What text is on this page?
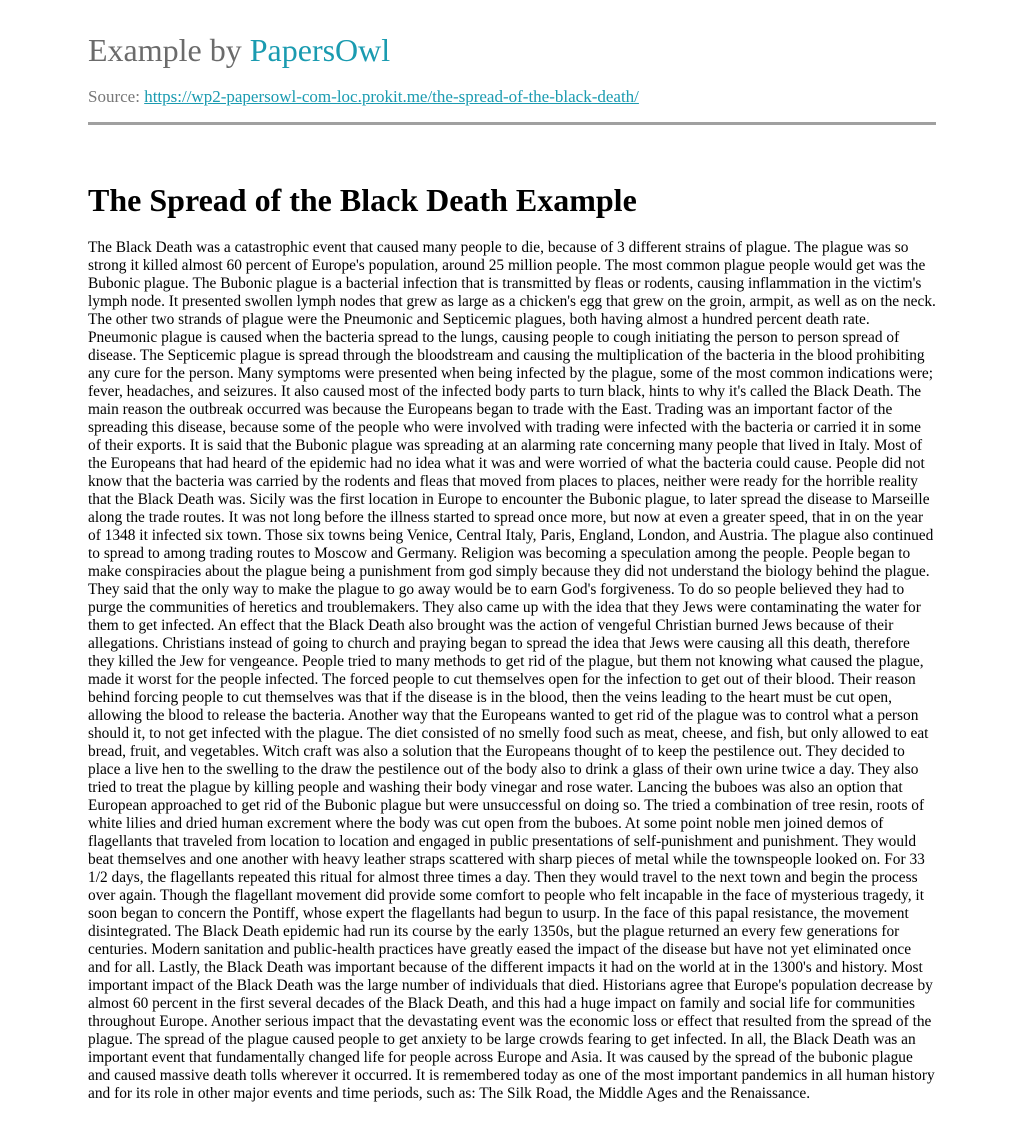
Example by PapersOwl
Source: https://wp2-papersowl-com-loc.prokit.me/the-spread-of-the-black-death/
The Spread of the Black Death Example

The Black Death was a catastrophic event that caused many people to die, because of 3 different strains of plague. The plague was so strong it killed almost 60 percent of Europe's population, around 25 million people. The most common plague people would get was the Bubonic plague. The Bubonic plague is a bacterial infection that is transmitted by fleas or rodents, causing inflammation in the victim's lymph node. It presented swollen lymph nodes that grew as large as a chicken's egg that grew on the groin, armpit, as well as on the neck. The other two strands of plague were the Pneumonic and Septicemic plagues, both having almost a hundred percent death rate. Pneumonic plague is caused when the bacteria spread to the lungs, causing people to cough initiating the person to person spread of disease. The Septicemic plague is spread through the bloodstream and causing the multiplication of the bacteria in the blood prohibiting any cure for the person. Many symptoms were presented when being infected by the plague, some of the most common indications were; fever, headaches, and seizures. It also caused most of the infected body parts to turn black, hints to why it's called the Black Death. The main reason the outbreak occurred was because the Europeans began to trade with the East. Trading was an important factor of the spreading this disease, because some of the people who were involved with trading were infected with the bacteria or carried it in some of their exports. It is said that the Bubonic plague was spreading at an alarming rate concerning many people that lived in Italy. Most of the Europeans that had heard of the epidemic had no idea what it was and were worried of what the bacteria could cause. People did not know that the bacteria was carried by the rodents and fleas that moved from places to places, neither were ready for the horrible reality that the Black Death was. Sicily was the first location in Europe to encounter the Bubonic plague, to later spread the disease to Marseille along the trade routes. It was not long before the illness started to spread once more, but now at even a greater speed, that in on the year of 1348 it infected six town. Those six towns being Venice, Central Italy, Paris, England, London, and Austria. The plague also continued to spread to among trading routes to Moscow and Germany. Religion was becoming a speculation among the people. People began to make conspiracies about the plague being a punishment from god simply because they did not understand the biology behind the plague. They said that the only way to make the plague to go away would be to earn God's forgiveness. To do so people believed they had to purge the communities of heretics and troublemakers. They also came up with the idea that they Jews were contaminating the water for them to get infected. An effect that the Black Death also brought was the action of vengeful Christian burned Jews because of their allegations. Christians instead of going to church and praying began to spread the idea that Jews were causing all this death, therefore they killed the Jew for vengeance. People tried to many methods to get rid of the plague, but them not knowing what caused the plague, made it worst for the people infected. The forced people to cut themselves open for the infection to get out of their blood. Their reason behind forcing people to cut themselves was that if the disease is in the blood, then the veins leading to the heart must be cut open, allowing the blood to release the bacteria. Another way that the Europeans wanted to get rid of the plague was to control what a person should it, to not get infected with the plague. The diet consisted of no smelly food such as meat, cheese, and fish, but only allowed to eat bread, fruit, and vegetables. Witch craft was also a solution that the Europeans thought of to keep the pestilence out. They decided to place a live hen to the swelling to the draw the pestilence out of the body also to drink a glass of their own urine twice a day. They also tried to treat the plague by killing people and washing their body vinegar and rose water. Lancing the buboes was also an option that European approached to get rid of the Bubonic plague but were unsuccessful on doing so. The tried a combination of tree resin, roots of white lilies and dried human excrement where the body was cut open from the buboes. At some point noble men joined demos of flagellants that traveled from location to location and engaged in public presentations of self-punishment and punishment. They would beat themselves and one another with heavy leather straps scattered with sharp pieces of metal while the townspeople looked on. For 33 1/2 days, the flagellants repeated this ritual for almost three times a day. Then they would travel to the next town and begin the process over again. Though the flagellant movement did provide some comfort to people who felt incapable in the face of mysterious tragedy, it soon began to concern the Pontiff, whose expert the flagellants had begun to usurp. In the face of this papal resistance, the movement disintegrated. The Black Death epidemic had run its course by the early 1350s, but the plague returned an every few generations for centuries. Modern sanitation and public-health practices have greatly eased the impact of the disease but have not yet eliminated once and for all. Lastly, the Black Death was important because of the different impacts it had on the world at in the 1300's and history. Most important impact of the Black Death was the large number of individuals that died. Historians agree that Europe's population decrease by almost 60 percent in the first several decades of the Black Death, and this had a huge impact on family and social life for communities throughout Europe. Another serious impact that the devastating event was the economic loss or effect that resulted from the spread of the plague. The spread of the plague caused people to get anxiety to be large crowds fearing to get infected. In all, the Black Death was an important event that fundamentally changed life for people across Europe and Asia. It was caused by the spread of the bubonic plague and caused massive death tolls wherever it occurred. It is remembered today as one of the most important pandemics in all human history and for its role in other major events and time periods, such as: The Silk Road, the Middle Ages and the Renaissance.
